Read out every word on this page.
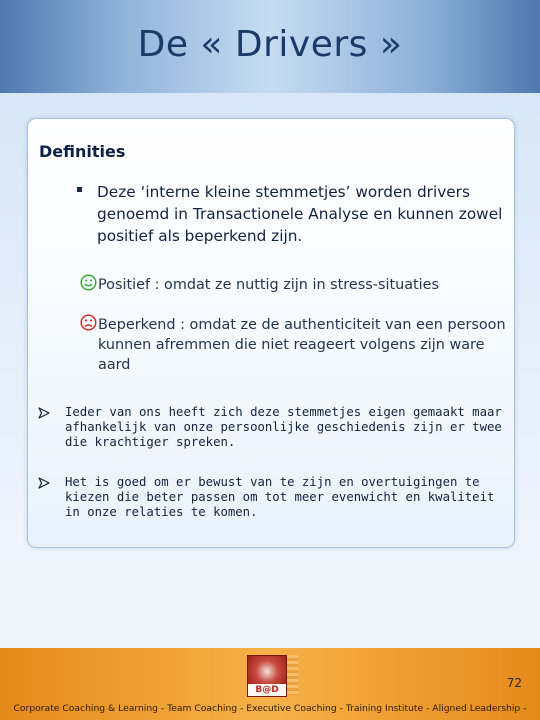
De « Drivers »
Definities
Deze ‘interne kleine stemmetjes’ worden drivers genoemd in Transactionele Analyse en kunnen zowel positief als beperkend zijn.
Positief : omdat ze nuttig zijn in stress-situaties
Beperkend : omdat ze de authenticiteit van een persoon kunnen afremmen die niet reageert volgens zijn ware aard
Ieder van ons heeft zich deze stemmetjes eigen gemaakt maar afhankelijk van onze persoonlijke geschiedenis zijn er twee die krachtiger spreken.
Het is goed om er bewust van te zijn en overtuigingen te kiezen die beter passen om tot meer evenwicht en kwaliteit in onze relaties te komen.
B@D	72
Corporate Coaching & Learning - Team Coaching - Executive Coaching - Training Institute - Aligned Leadership -
